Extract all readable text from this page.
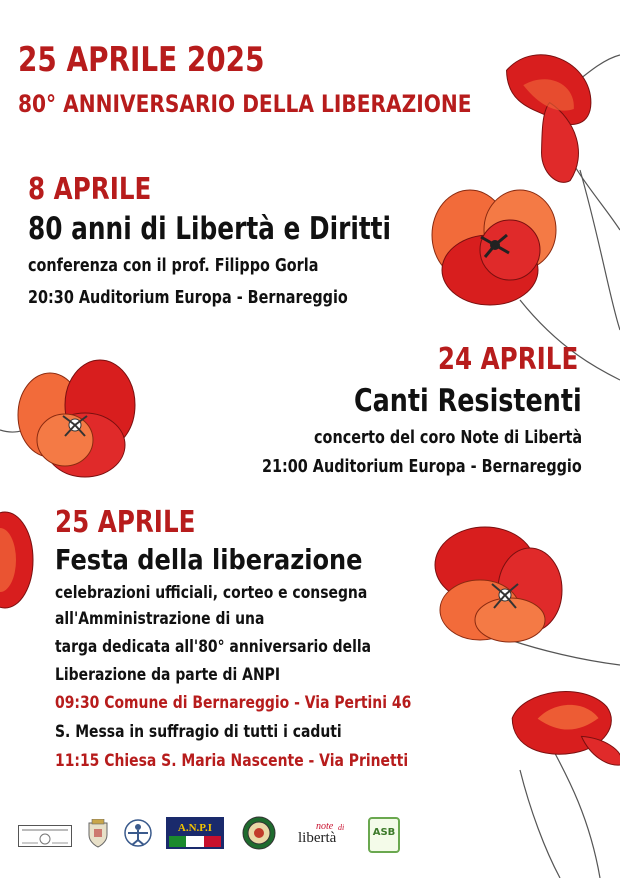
25 APRILE 2025
80° ANNIVERSARIO DELLA LIBERAZIONE
8 APRILE
80 anni di Libertà e Diritti
conferenza con il prof. Filippo Gorla
20:30 Auditorium Europa - Bernareggio
24 APRILE
Canti Resistenti
concerto del coro Note di Libertà
21:00 Auditorium Europa - Bernareggio
25 APRILE
Festa della liberazione
celebrazioni ufficiali, corteo e consegna
all'Amministrazione di una
targa dedicata all'80° anniversario della
Liberazione da parte di ANPI
09:30 Comune di Bernareggio - Via Pertini 46
S. Messa in suffragio di tutti i caduti
11:15 Chiesa S. Maria Nascente - Via Prinetti
A.N.P.I	note di
libertà	ASB
